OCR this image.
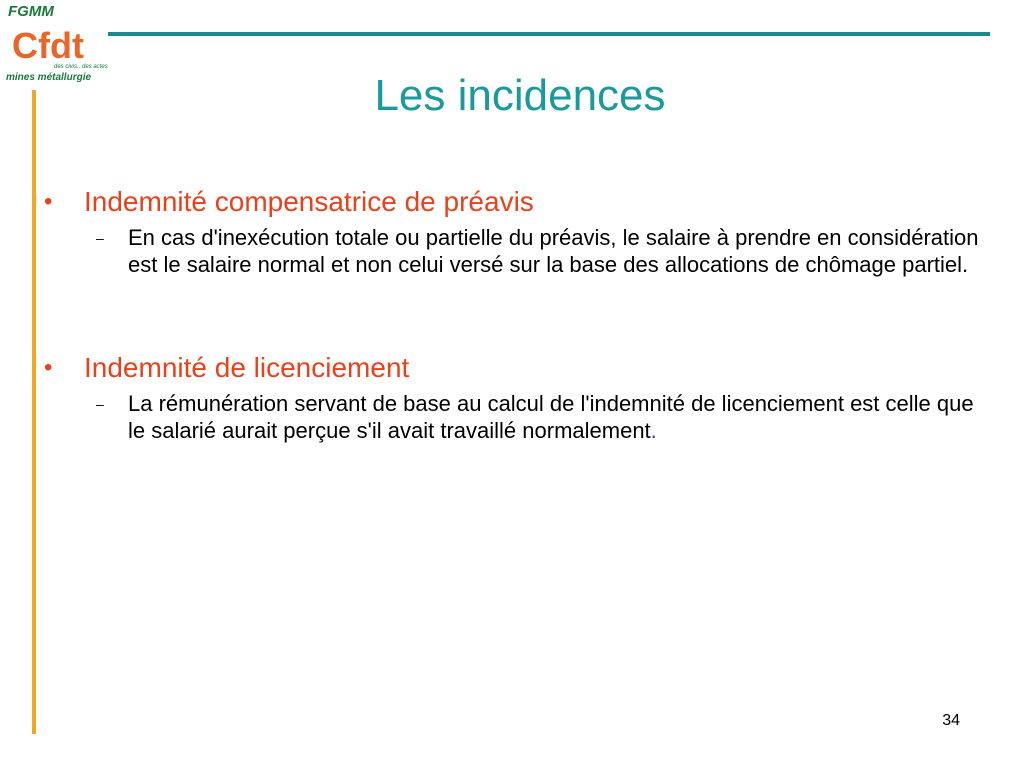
FGMM
Cfdt
des civis.. des actes
mines métallurgie	Les incidences
• Indemnité compensatrice de préavis
– En cas d'inexécution totale ou partielle du préavis, le salaire à prendre en considération est le salaire normal et non celui versé sur la base des allocations de chômage partiel.
• Indemnité de licenciement
– La rémunération servant de base au calcul de l'indemnité de licenciement est celle que le salarié aurait perçue s'il avait travaillé normalement.
34
